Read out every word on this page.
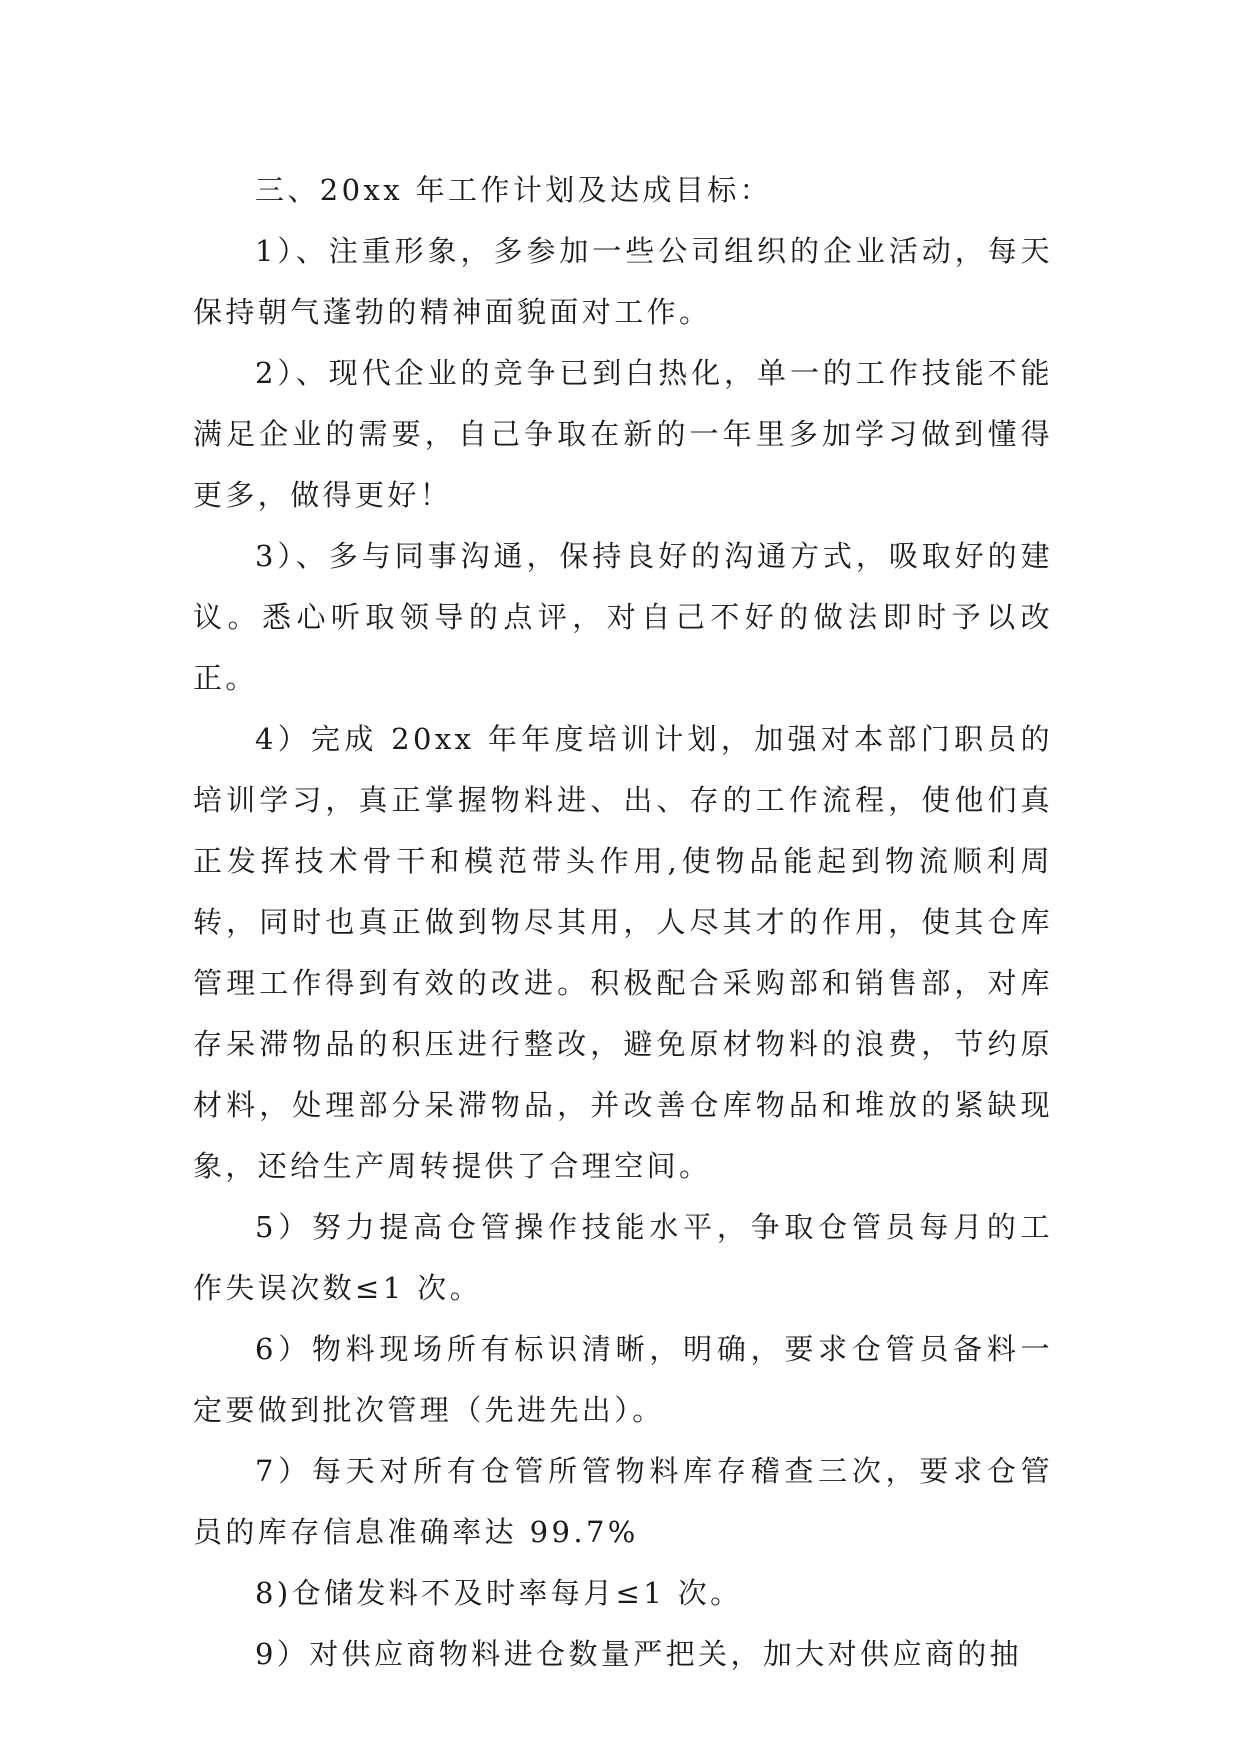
三、20xx 年工作计划及达成目标：

1）、注重形象，多参加一些公司组织的企业活动，每天保持朝气蓬勃的精神面貌面对工作。

2）、现代企业的竞争已到白热化，单一的工作技能不能满足企业的需要，自己争取在新的一年里多加学习做到懂得更多，做得更好！

3）、多与同事沟通，保持良好的沟通方式，吸取好的建议。悉心听取领导的点评，对自己不好的做法即时予以改正。

4）完成 20xx 年年度培训计划，加强对本部门职员的培训学习，真正掌握物料进、出、存的工作流程，使他们真正发挥技术骨干和模范带头作用,使物品能起到物流顺利周转，同时也真正做到物尽其用，人尽其才的作用，使其仓库管理工作得到有效的改进。积极配合采购部和销售部，对库存呆滞物品的积压进行整改，避免原材物料的浪费，节约原材料，处理部分呆滞物品，并改善仓库物品和堆放的紧缺现象，还给生产周转提供了合理空间。

5）努力提高仓管操作技能水平，争取仓管员每月的工作失误次数≤1 次。

6）物料现场所有标识清晰，明确，要求仓管员备料一定要做到批次管理（先进先出）。

7）每天对所有仓管所管物料库存稽查三次，要求仓管员的库存信息准确率达 99.7%

8)仓储发料不及时率每月≤1 次。

9）对供应商物料进仓数量严把关，加大对供应商的抽
